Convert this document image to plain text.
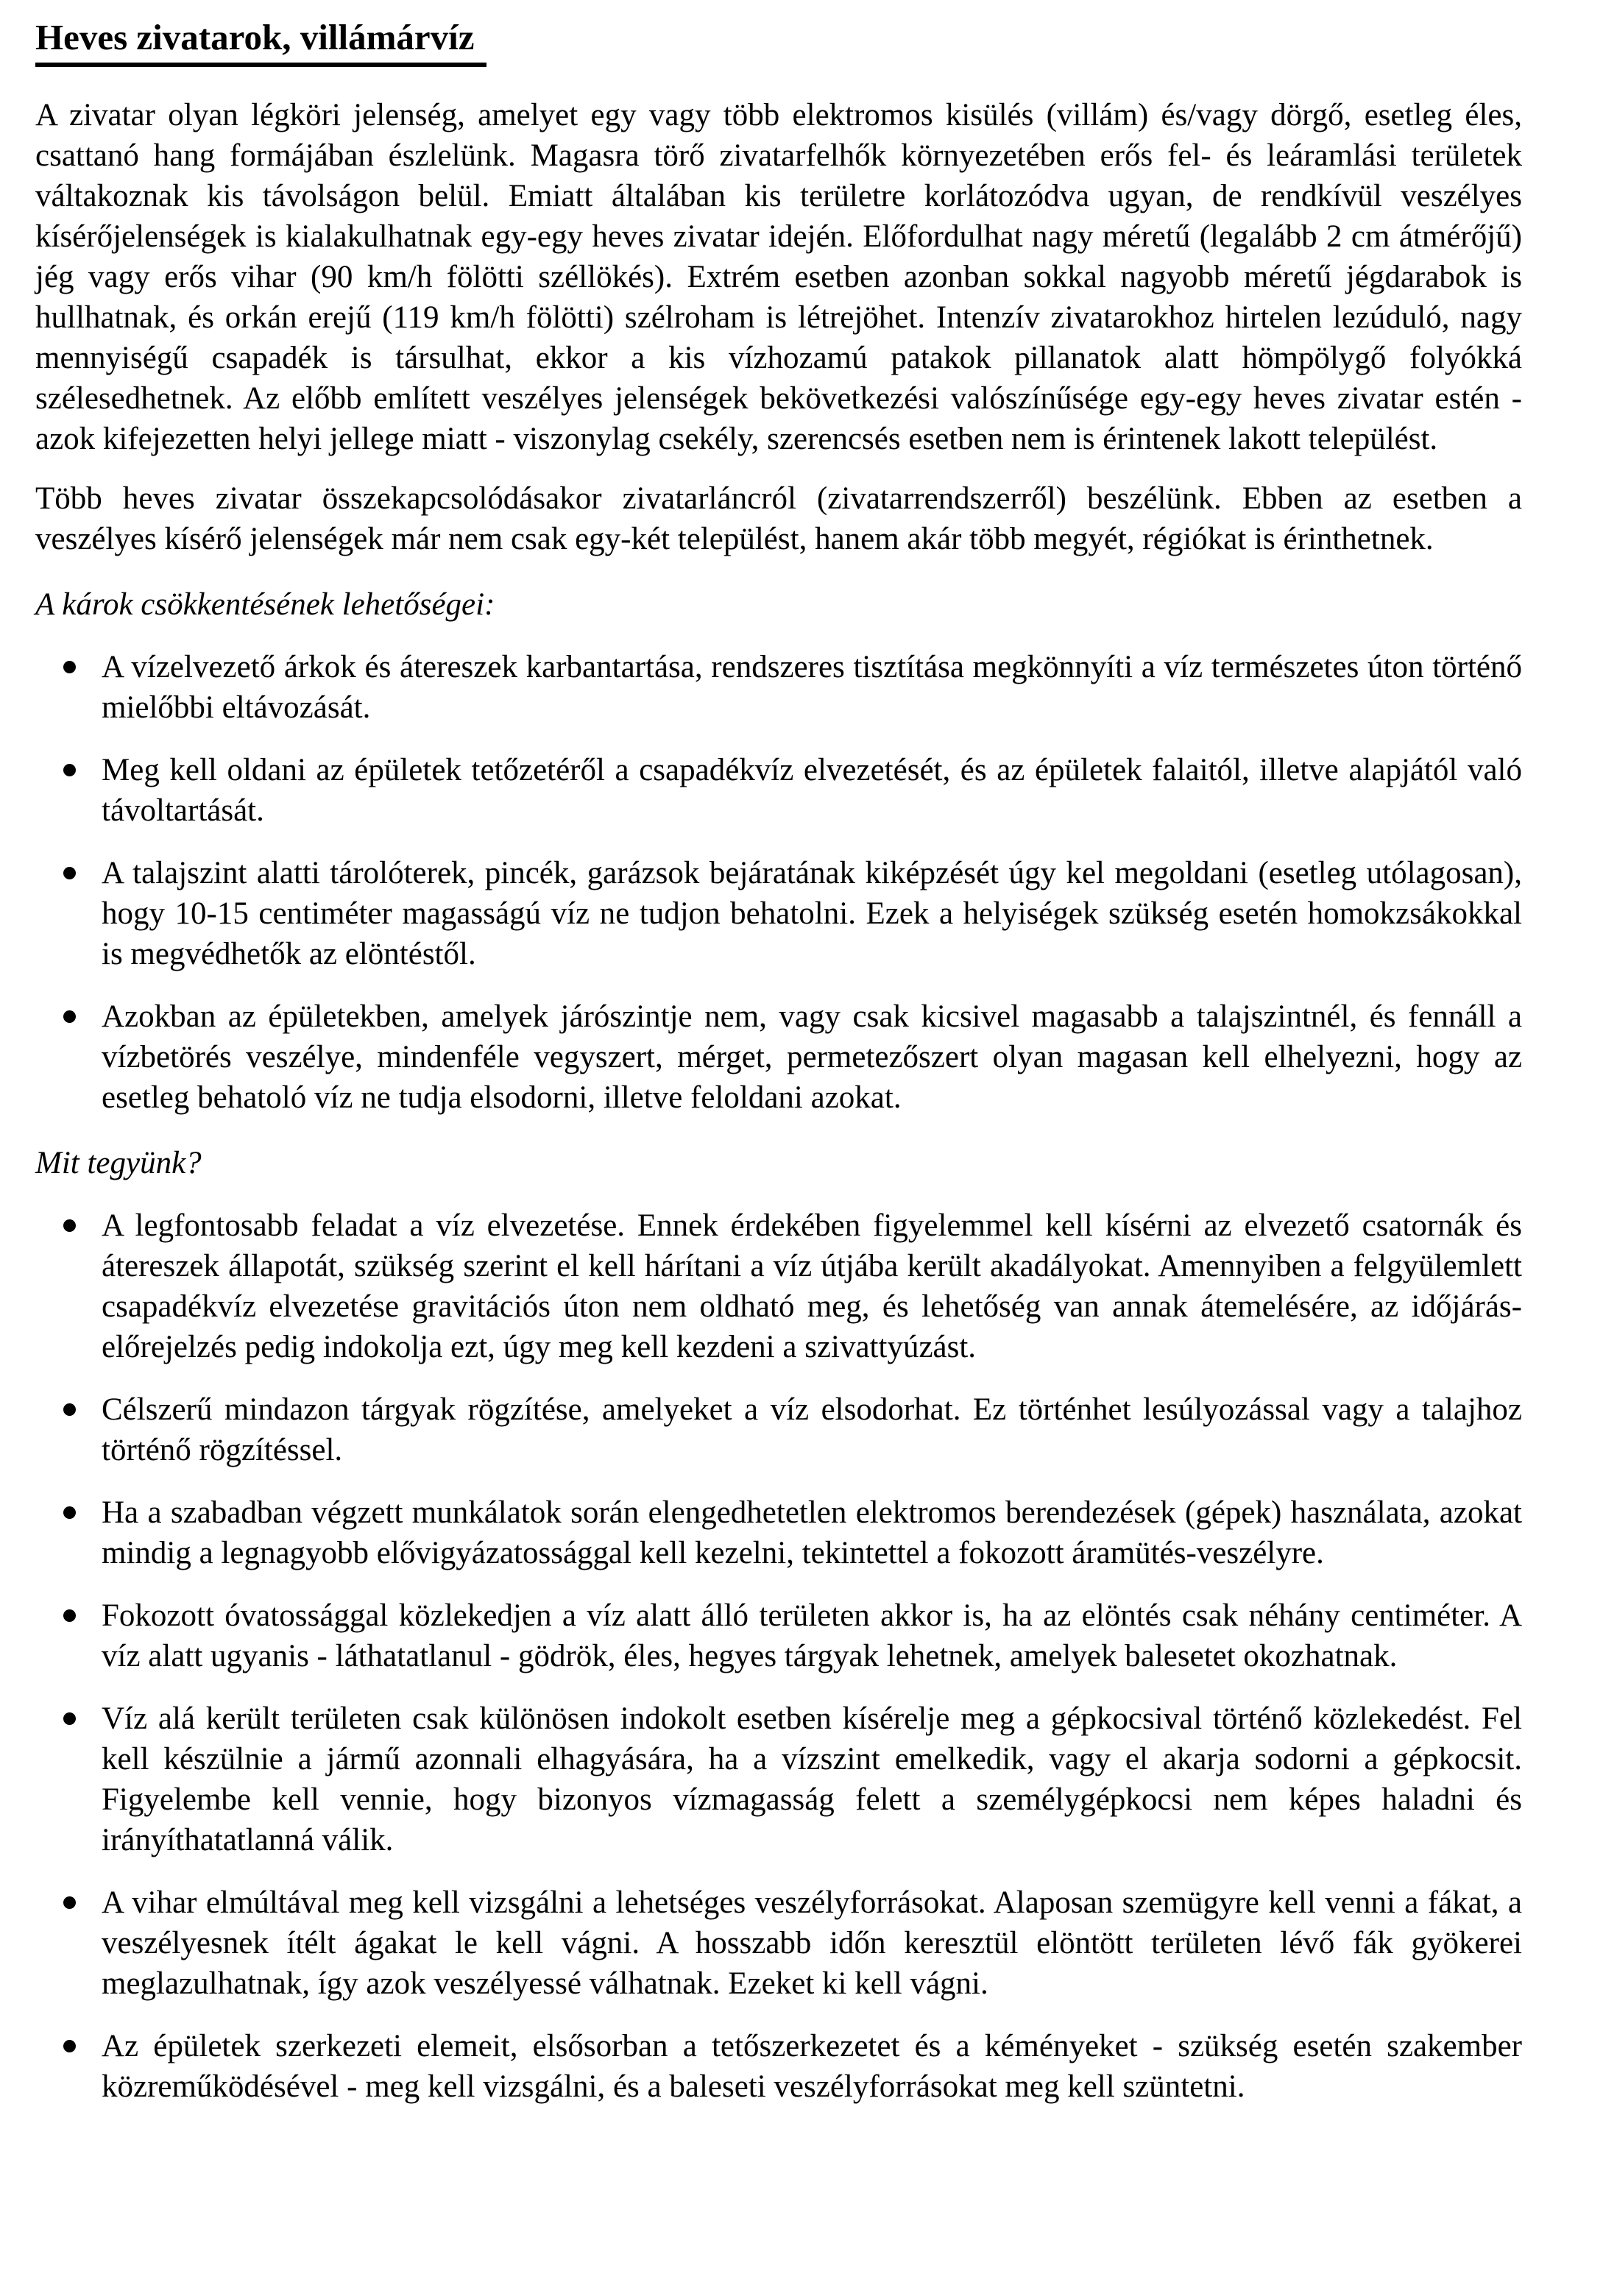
Heves zivatarok, villámárvíz

A zivatar olyan légköri jelenség, amelyet egy vagy több elektromos kisülés (villám) és/vagy dörgő, esetleg éles, csattanó hang formájában észlelünk. Magasra törő zivatarfelhők környezetében erős fel- és leáramlási területek váltakoznak kis távolságon belül. Emiatt általában kis területre korlátozódva ugyan, de rendkívül veszélyes kísérőjelenségek is kialakulhatnak egy-egy heves zivatar idején. Előfordulhat nagy méretű (legalább 2 cm átmérőjű) jég vagy erős vihar (90 km/h fölötti széllökés). Extrém esetben azonban sokkal nagyobb méretű jégdarabok is hullhatnak, és orkán erejű (119 km/h fölötti) szélroham is létrejöhet. Intenzív zivatarokhoz hirtelen lezúduló, nagy mennyiségű csapadék is társulhat, ekkor a kis vízhozamú patakok pillanatok alatt hömpölygő folyókká szélesedhetnek. Az előbb említett veszélyes jelenségek bekövetkezési valószínűsége egy-egy heves zivatar estén - azok kifejezetten helyi jellege miatt - viszonylag csekély, szerencsés esetben nem is érintenek lakott települést.

Több heves zivatar összekapcsolódásakor zivatarláncról (zivatarrendszerről) beszélünk. Ebben az esetben a veszélyes kísérő jelenségek már nem csak egy-két települést, hanem akár több megyét, régiókat is érinthetnek.

A károk csökkentésének lehetőségei:
A vízelvezető árkok és átereszek karbantartása, rendszeres tisztítása megkönnyíti a víz természetes úton történő mielőbbi eltávozását.
Meg kell oldani az épületek tetőzetéről a csapadékvíz elvezetését, és az épületek falaitól, illetve alapjától való távoltartását.
A talajszint alatti tárolóterek, pincék, garázsok bejáratának kiképzését úgy kel megoldani (esetleg utólagosan), hogy 10-15 centiméter magasságú víz ne tudjon behatolni. Ezek a helyiségek szükség esetén homokzsákokkal is megvédhetők az elöntéstől.
Azokban az épületekben, amelyek járószintje nem, vagy csak kicsivel magasabb a talajszintnél, és fennáll a vízbetörés veszélye, mindenféle vegyszert, mérget, permetezőszert olyan magasan kell elhelyezni, hogy az esetleg behatoló víz ne tudja elsodorni, illetve feloldani azokat.
Mit tegyünk?
A legfontosabb feladat a víz elvezetése. Ennek érdekében figyelemmel kell kísérni az elvezető csatornák és átereszek állapotát, szükség szerint el kell hárítani a víz útjába került akadályokat. Amennyiben a felgyülemlett csapadékvíz elvezetése gravitációs úton nem oldható meg, és lehetőség van annak átemelésére, az időjárás-előrejelzés pedig indokolja ezt, úgy meg kell kezdeni a szivattyúzást.
Célszerű mindazon tárgyak rögzítése, amelyeket a víz elsodorhat. Ez történhet lesúlyozással vagy a talajhoz történő rögzítéssel.
Ha a szabadban végzett munkálatok során elengedhetetlen elektromos berendezések (gépek) használata, azokat mindig a legnagyobb elővigyázatossággal kell kezelni, tekintettel a fokozott áramütés-veszélyre.
Fokozott óvatossággal közlekedjen a víz alatt álló területen akkor is, ha az elöntés csak néhány centiméter. A víz alatt ugyanis - láthatatlanul - gödrök, éles, hegyes tárgyak lehetnek, amelyek balesetet okozhatnak.
Víz alá került területen csak különösen indokolt esetben kísérelje meg a gépkocsival történő közlekedést. Fel kell készülnie a jármű azonnali elhagyására, ha a vízszint emelkedik, vagy el akarja sodorni a gépkocsit. Figyelembe kell vennie, hogy bizonyos vízmagasság felett a személygépkocsi nem képes haladni és irányíthatatlanná válik.
A vihar elmúltával meg kell vizsgálni a lehetséges veszélyforrásokat. Alaposan szemügyre kell venni a fákat, a veszélyesnek ítélt ágakat le kell vágni. A hosszabb időn keresztül elöntött területen lévő fák gyökerei meglazulhatnak, így azok veszélyessé válhatnak. Ezeket ki kell vágni.
Az épületek szerkezeti elemeit, elsősorban a tetőszerkezetet és a kéményeket - szükség esetén szakember közreműködésével - meg kell vizsgálni, és a baleseti veszélyforrásokat meg kell szüntetni.
